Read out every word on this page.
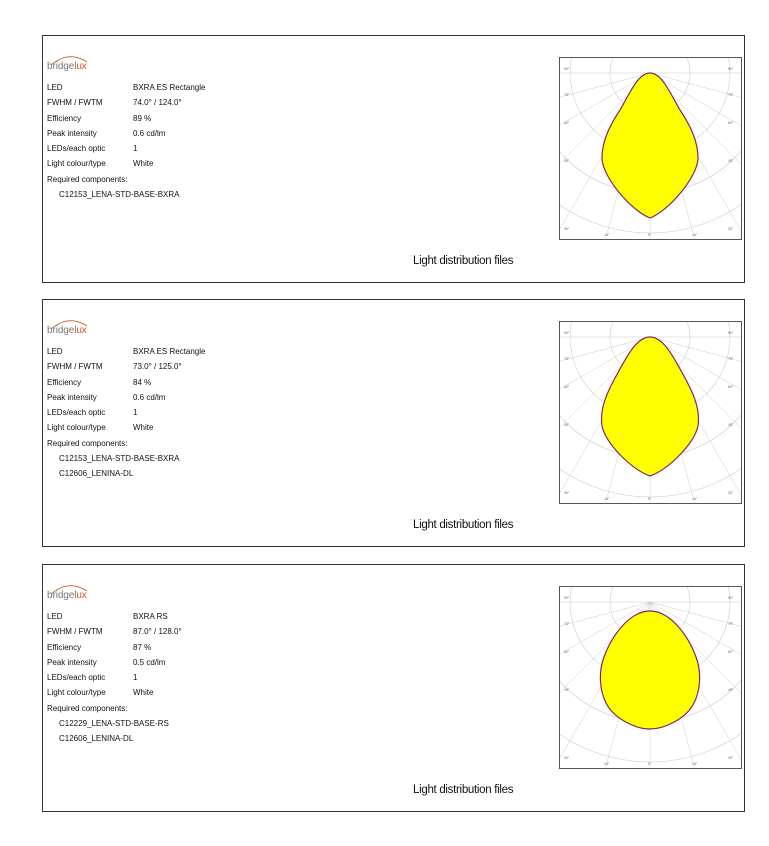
bridgelux
LED	BXRA ES Rectangle
FWHM / FWTM	74.0° / 124.0°
Efficiency	89 %
Peak intensity	0.6 cd/lm
LEDs/each optic	1
Light colour/type	White
Required components:
C12153_LENA-STD-BASE-BXRA
90°	90°
75°	75°
60°	60°
45°	45°
30°	30°
15°	0°	15°
Light distribution files
bridgelux
LED	BXRA ES Rectangle
FWHM / FWTM	73.0° / 125.0°
Efficiency	84 %
Peak intensity	0.6 cd/lm
LEDs/each optic	1
Light colour/type	White
Required components:
C12153_LENA-STD-BASE-BXRA
C12606_LENINA-DL
90°	90°
75°	75°
60°	60°
45°	45°
30°	30°
15°	0°	15°
Light distribution files
bridgelux
LED	BXRA RS
FWHM / FWTM	87.0° / 128.0°
Efficiency	87 %
Peak intensity	0.5 cd/lm
LEDs/each optic	1
Light colour/type	White
Required components:
C12229_LENA-STD-BASE-RS
C12606_LENINA-DL
90°	90°
75°	75°
60°	60°
45°	45°
30°	30°
15°	0°	15°
Light distribution files
